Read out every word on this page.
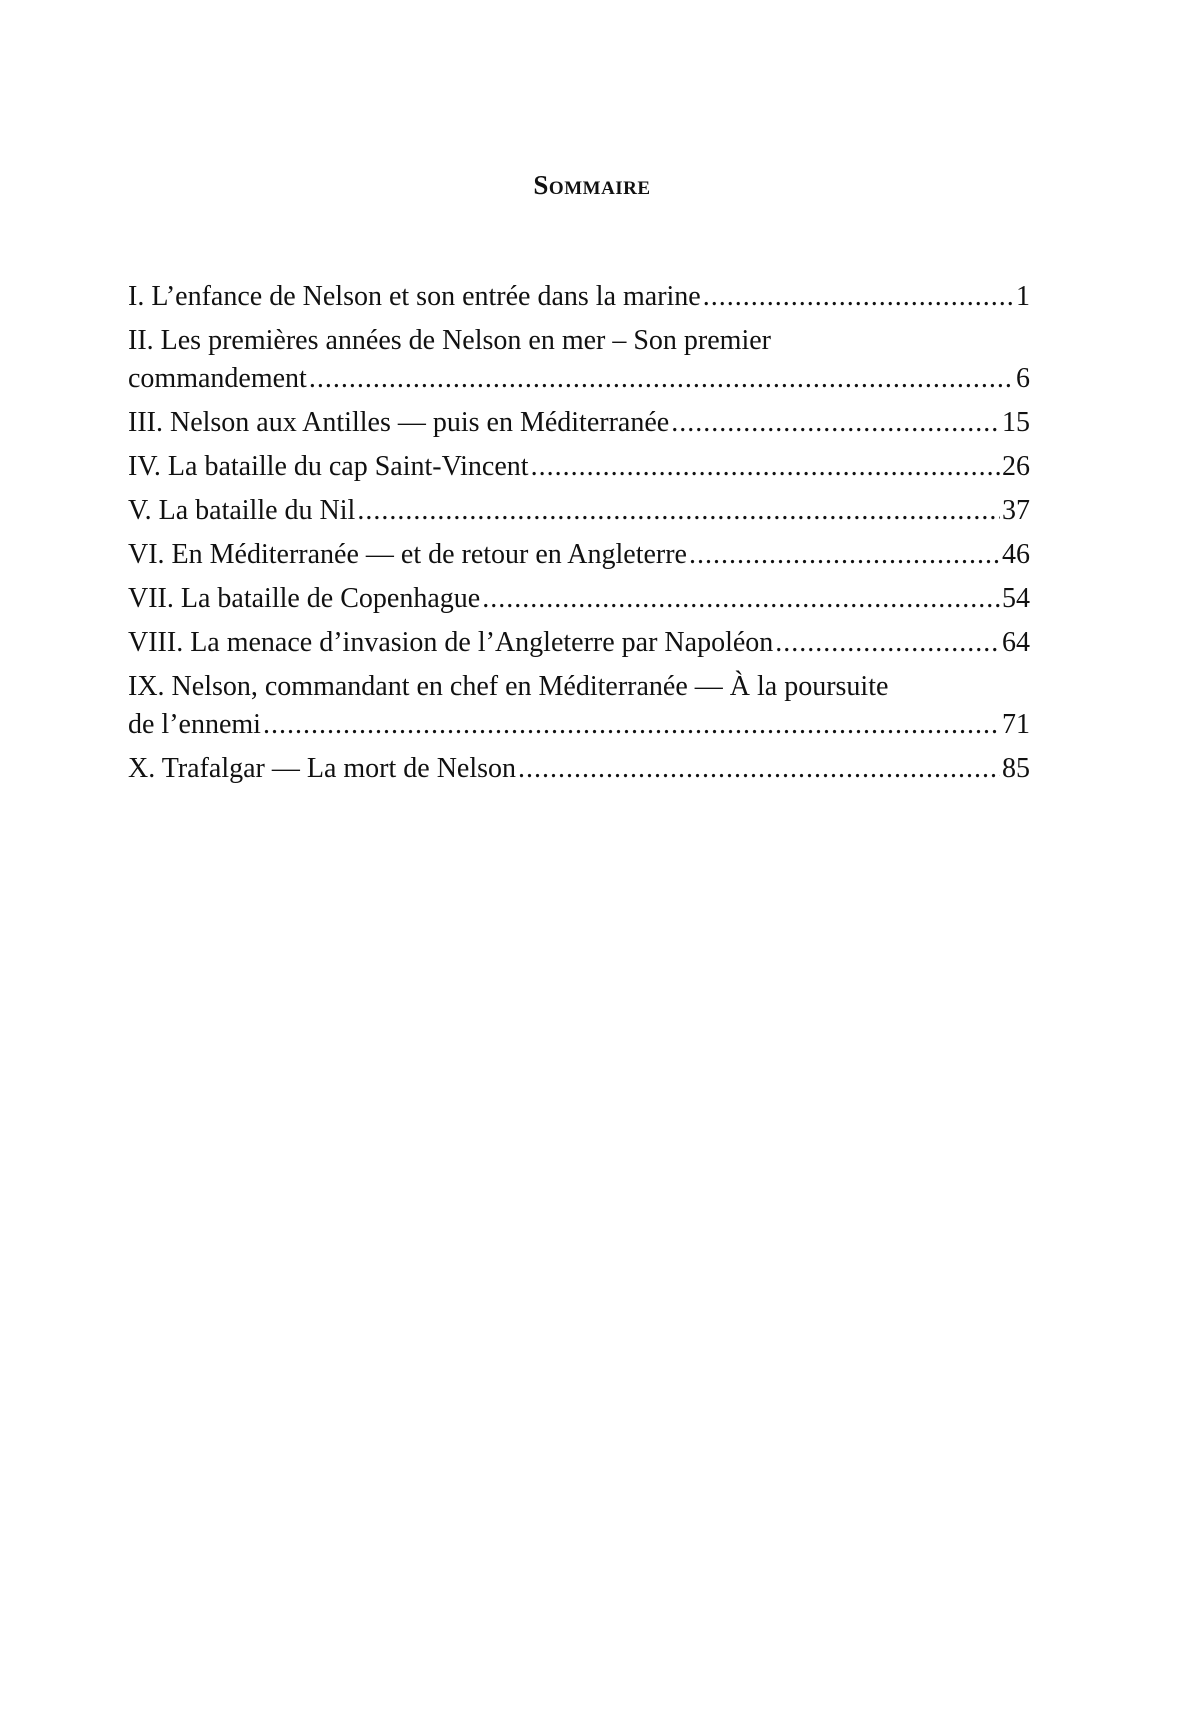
Sommaire
I. L’enfance de Nelson et son entrée dans la marine .....	1
II. Les premières années de Nelson en mer – Son premier
commandement .....	6
III. Nelson aux Antilles — puis en Méditerranée .....	15
IV. La bataille du cap Saint-Vincent .....	26
V. La bataille du Nil .....	37
VI. En Méditerranée — et de retour en Angleterre .....	46
VII. La bataille de Copenhague .....	54
VIII. La menace d’invasion de l’Angleterre par Napoléon .....	64
IX. Nelson, commandant en chef en Méditerranée — À la poursuite
de l’ennemi .....	71
X. Trafalgar — La mort de Nelson .....	85
